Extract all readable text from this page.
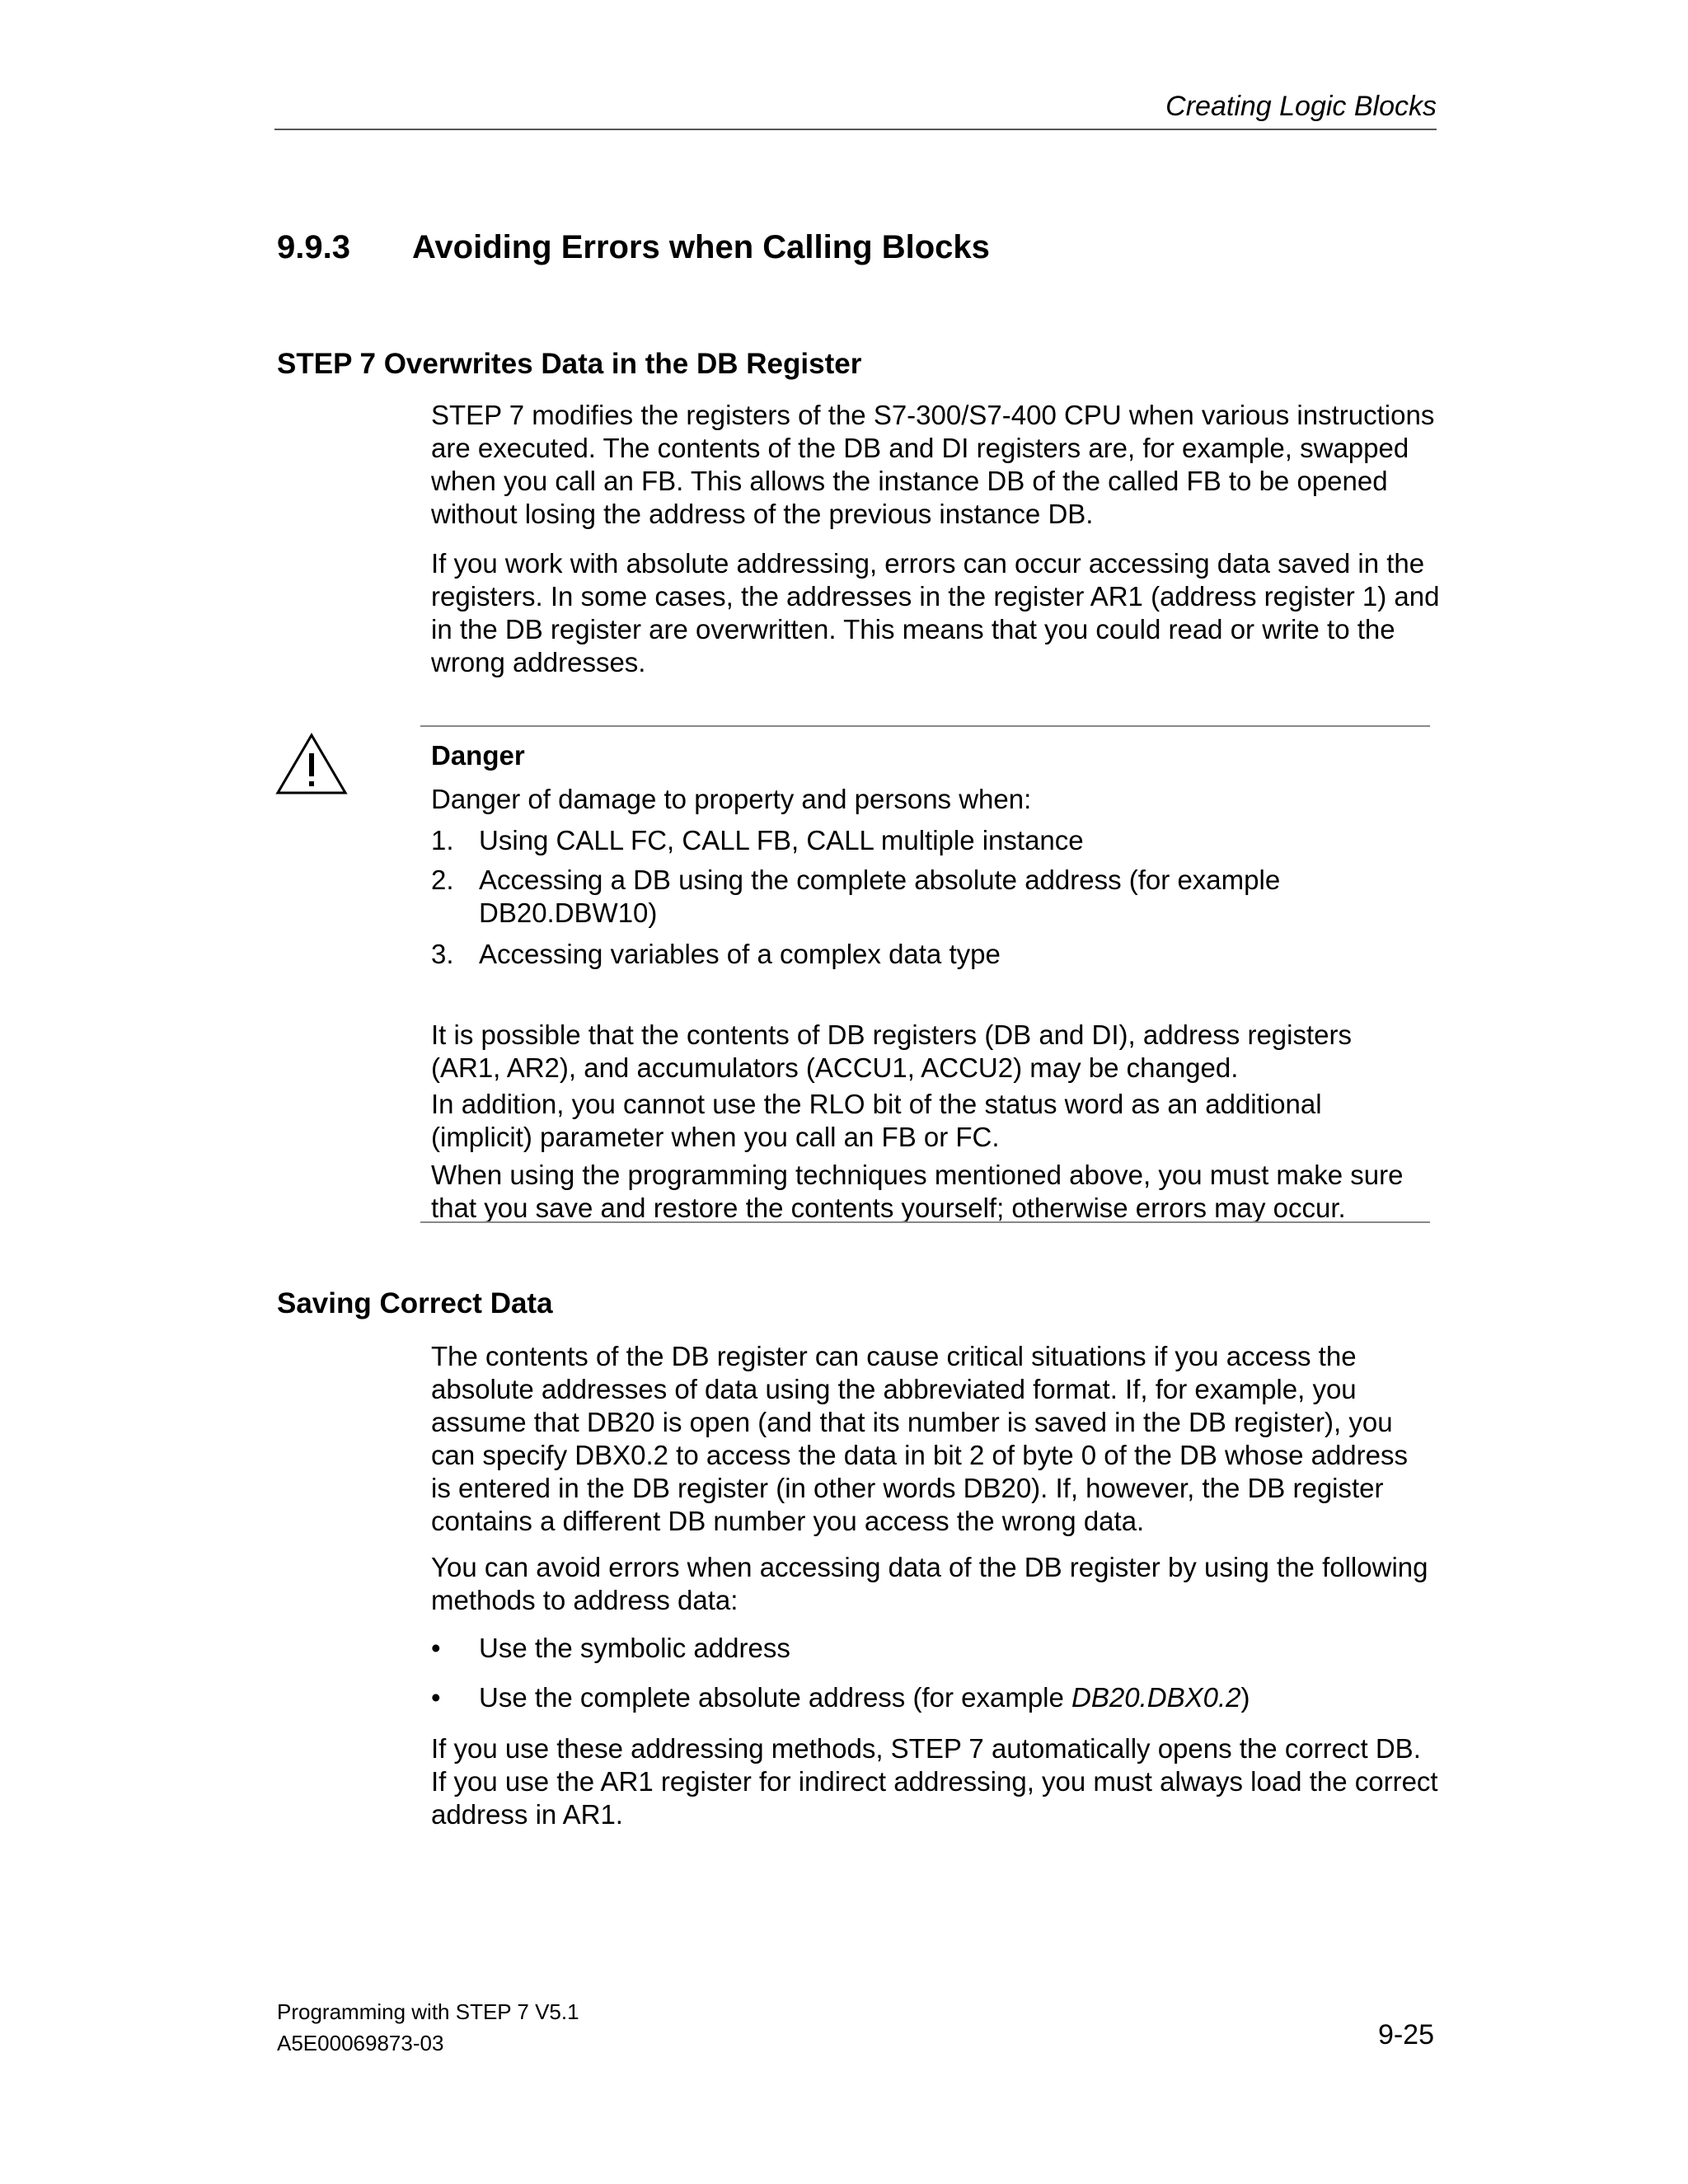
Creating Logic Blocks
9.9.3 Avoiding Errors when Calling Blocks
STEP 7 Overwrites Data in the DB Register
STEP 7 modifies the registers of the S7-300/S7-400 CPU when various instructions are executed. The contents of the DB and DI registers are, for example, swapped when you call an FB. This allows the instance DB of the called FB to be opened without losing the address of the previous instance DB.
If you work with absolute addressing, errors can occur accessing data saved in the registers. In some cases, the addresses in the register AR1 (address register 1) and in the DB register are overwritten. This means that you could read or write to the wrong addresses.
Danger
Danger of damage to property and persons when:
1. Using CALL FC, CALL FB, CALL multiple instance
2. Accessing a DB using the complete absolute address (for example DB20.DBW10)
3. Accessing variables of a complex data type
It is possible that the contents of DB registers (DB and DI), address registers (AR1, AR2), and accumulators (ACCU1, ACCU2) may be changed.
In addition, you cannot use the RLO bit of the status word as an additional (implicit) parameter when you call an FB or FC.
When using the programming techniques mentioned above, you must make sure that you save and restore the contents yourself; otherwise errors may occur.
Saving Correct Data
The contents of the DB register can cause critical situations if you access the absolute addresses of data using the abbreviated format. If, for example, you assume that DB20 is open (and that its number is saved in the DB register), you can specify DBX0.2 to access the data in bit 2 of byte 0 of the DB whose address is entered in the DB register (in other words DB20). If, however, the DB register contains a different DB number you access the wrong data.
You can avoid errors when accessing data of the DB register by using the following methods to address data:
•	Use the symbolic address
•	Use the complete absolute address (for example DB20.DBX0.2)
If you use these addressing methods, STEP 7 automatically opens the correct DB. If you use the AR1 register for indirect addressing, you must always load the correct address in AR1.
Programming with STEP 7 V5.1
A5E00069873-03	9-25
